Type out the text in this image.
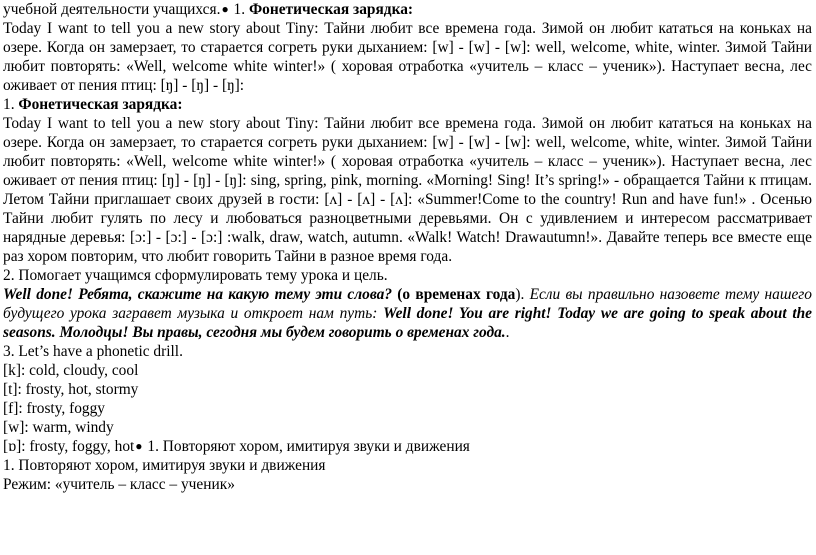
учебной деятельности учащихся.● 1. Фонетическая зарядка:

Today I want to tell you a new story about Tiny: Тайни любит все времена года. Зимой он любит кататься на коньках на озере. Когда он замерзает, то старается согреть руки дыханием: [w] - [w] - [w]: well, welcome, white, winter. Зимой Тайни любит повторять: «Well, welcome white winter!» ( хоровая отработка «учитель – класс – ученик»). Наступает весна, лес оживает от пения птиц: [ŋ] - [ŋ] - [ŋ]:

1. Фонетическая зарядка:

Today I want to tell you a new story about Tiny: Тайни любит все времена года. Зимой он любит кататься на коньках на озере. Когда он замерзает, то старается согреть руки дыханием: [w] - [w] - [w]: well, welcome, white, winter. Зимой Тайни любит повторять: «Well, welcome white winter!» ( хоровая отработка «учитель – класс – ученик»). Наступает весна, лес оживает от пения птиц: [ŋ] - [ŋ] - [ŋ]: sing, spring, pink, morning. «Morning! Sing! It’s spring!» - обращается Тайни к птицам. Летом Тайни приглашает своих друзей в гости: [ʌ] - [ʌ] - [ʌ]: «Summer!Come to the country! Run and have fun!» . Осенью Тайни любит гулять по лесу и любоваться разноцветными деревьями. Он с удивлением и интересом рассматривает нарядные деревья: [ɔ:] - [ɔ:] - [ɔ:] :walk, draw, watch, autumn. «Walk! Watch! Drawautumn!». Давайте теперь все вместе еще раз хором повторим, что любит говорить Тайни в разное время года.

2. Помогает учащимся сформулировать тему урока и цель.

Well done! Ребята, скажите на какую тему эти слова? (о временах года). Если вы правильно назовете тему нашего будущего урока загрaвет музыка и откроет нам путь: Well done! You are right! Today we are going to speak about the seasons. Молодцы! Вы правы, сегодня мы будем говорить о временах года..

3. Let’s have a phonetic drill.

[k]: cold, cloudy, cool

[t]: frosty, hot, stormy

[f]: frosty, foggy

[w]: warm, windy

[ɒ]: frosty, foggy, hot● 1. Повторяют хором, имитируя звуки и движения

1. Повторяют хором, имитируя звуки и движения

Режим: «учитель – класс – ученик»
